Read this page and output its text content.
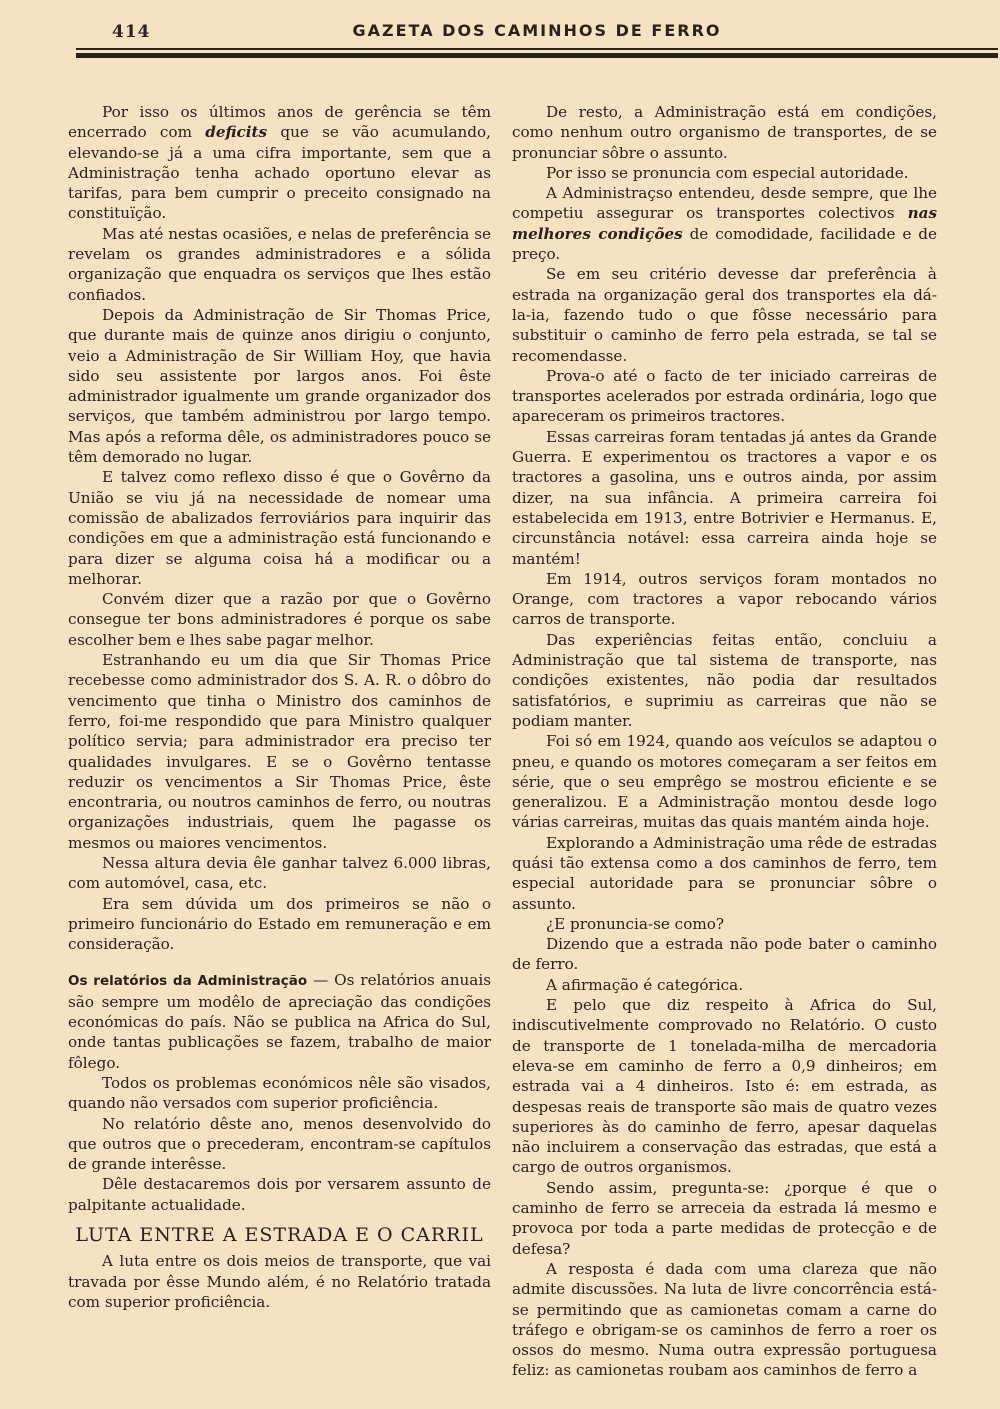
414	GAZETA DOS CAMINHOS DE FERRO

Por isso os últimos anos de gerência se têm encerrado com deficits que se vão acumulando, elevando-se já a uma cifra importante, sem que a Administração tenha achado oportuno elevar as tarifas, para bem cumprir o preceito consignado na constituïção.

Mas até nestas ocasiões, e nelas de preferência se revelam os grandes administradores e a sólida organização que enquadra os serviços que lhes estão confiados.

Depois da Administração de Sir Thomas Price, que durante mais de quinze anos dirigiu o conjunto, veio a Administração de Sir William Hoy, que havia sido seu assistente por largos anos. Foi êste administrador igualmente um grande organizador dos serviços, que também administrou por largo tempo. Mas após a reforma dêle, os administradores pouco se têm demorado no lugar.

E talvez como reflexo disso é que o Govêrno da União se viu já na necessidade de nomear uma comissão de abalizados ferroviários para inquirir das condições em que a administração está funcionando e para dizer se alguma coisa há a modificar ou a melhorar.

Convém dizer que a razão por que o Govêrno consegue ter bons administradores é porque os sabe escolher bem e lhes sabe pagar melhor.

Estranhando eu um dia que Sir Thomas Price recebesse como administrador dos S. A. R. o dôbro do vencimento que tinha o Ministro dos caminhos de ferro, foi-me respondido que para Ministro qualquer político servia; para administrador era preciso ter qualidades invulgares. E se o Govêrno tentasse reduzir os vencimentos a Sir Thomas Price, êste encontraria, ou noutros caminhos de ferro, ou noutras organizações industriais, quem lhe pagasse os mesmos ou maiores vencimentos.

Nessa altura devia êle ganhar talvez 6.000 libras, com automóvel, casa, etc.

Era sem dúvida um dos primeiros se não o primeiro funcionário do Estado em remuneração e em consideração.

Os relatórios da Administração — Os relatórios anuais são sempre um modêlo de apreciação das condições económicas do país. Não se publica na Africa do Sul, onde tantas publicações se fazem, trabalho de maior fôlego.

Todos os problemas económicos nêle são visados, quando não versados com superior proficiência.

No relatório dêste ano, menos desenvolvido do que outros que o precederam, encontram-se capítulos de grande interêsse.

Dêle destacaremos dois por versarem assunto de palpitante actualidade.

LUTA ENTRE A ESTRADA E O CARRIL

A luta entre os dois meios de transporte, que vai travada por êsse Mundo além, é no Relatório tratada com superior proficiência.

De resto, a Administração está em condições, como nenhum outro organismo de transportes, de se pronunciar sôbre o assunto.

Por isso se pronuncia com especial autoridade.

A Administraçso entendeu, desde sempre, que lhe competiu assegurar os transportes colectivos nas melhores condições de comodidade, facilidade e de preço.

Se em seu critério devesse dar preferência à estrada na organização geral dos transportes ela dá-la-ia, fazendo tudo o que fôsse necessário para substituir o caminho de ferro pela estrada, se tal se recomendasse.

Prova-o até o facto de ter iniciado carreiras de transportes acelerados por estrada ordinária, logo que apareceram os primeiros tractores.

Essas carreiras foram tentadas já antes da Grande Guerra. E experimentou os tractores a vapor e os tractores a gasolina, uns e outros ainda, por assim dizer, na sua infância. A primeira carreira foi estabelecida em 1913, entre Botrivier e Hermanus. E, circunstância notável: essa carreira ainda hoje se mantém!

Em 1914, outros serviços foram montados no Orange, com tractores a vapor rebocando vários carros de transporte.

Das experiências feitas então, concluiu a Administração que tal sistema de transporte, nas condições existentes, não podia dar resultados satisfatórios, e suprimiu as carreiras que não se podiam manter.

Foi só em 1924, quando aos veículos se adaptou o pneu, e quando os motores começaram a ser feitos em série, que o seu emprêgo se mostrou eficiente e se generalizou. E a Administração montou desde logo várias carreiras, muitas das quais mantém ainda hoje.

Explorando a Administração uma rêde de estradas quási tão extensa como a dos caminhos de ferro, tem especial autoridade para se pronunciar sôbre o assunto.

¿E pronuncia-se como?

Dizendo que a estrada não pode bater o caminho de ferro.

A afirmação é categórica.

E pelo que diz respeito à Africa do Sul, indiscutivelmente comprovado no Relatório. O custo de transporte de 1 tonelada-milha de mercadoria eleva-se em caminho de ferro a 0,9 dinheiros; em estrada vai a 4 dinheiros. Isto é: em estrada, as despesas reais de transporte são mais de quatro vezes superiores às do caminho de ferro, apesar daquelas não incluirem a conservação das estradas, que está a cargo de outros organismos.

Sendo assim, pregunta-se: ¿porque é que o caminho de ferro se arreceia da estrada lá mesmo e provoca por toda a parte medidas de protecção e de defesa?

A resposta é dada com uma clareza que não admite discussões. Na luta de livre concorrência está-se permitindo que as camionetas comam a carne do tráfego e obrigam-se os caminhos de ferro a roer os ossos do mesmo. Numa outra expressão portuguesa feliz: as camionetas roubam aos caminhos de ferro a
